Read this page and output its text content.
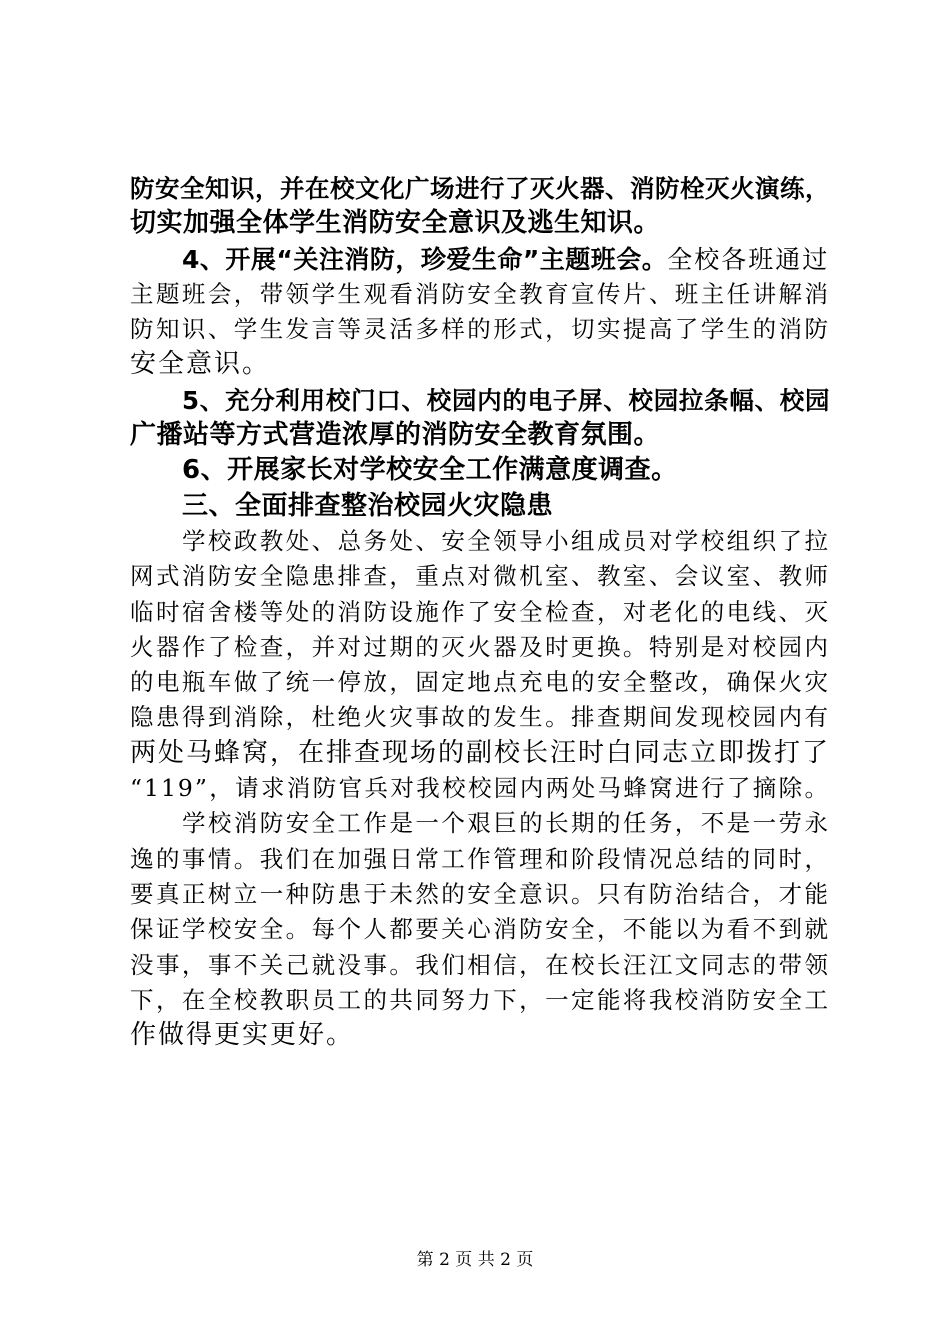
防安全知识，并在校文化广场进行了灭火器、消防栓灭火演练，
切实加强全体学生消防安全意识及逃生知识。
4、开展“关注消防，珍爱生命”主题班会。全校各班通过
主题班会，带领学生观看消防安全教育宣传片、班主任讲解消
防知识、学生发言等灵活多样的形式，切实提高了学生的消防
安全意识。
5、充分利用校门口、校园内的电子屏、校园拉条幅、校园
广播站等方式营造浓厚的消防安全教育氛围。
6、开展家长对学校安全工作满意度调查。
三、全面排查整治校园火灾隐患
学校政教处、总务处、安全领导小组成员对学校组织了拉
网式消防安全隐患排查，重点对微机室、教室、会议室、教师
临时宿舍楼等处的消防设施作了安全检查，对老化的电线、灭
火器作了检查，并对过期的灭火器及时更换。特别是对校园内
的电瓶车做了统一停放，固定地点充电的安全整改，确保火灾
隐患得到消除，杜绝火灾事故的发生。排查期间发现校园内有
两处马蜂窝，在排查现场的副校长汪时白同志立即拨打了
“119”，请求消防官兵对我校校园内两处马蜂窝进行了摘除。
学校消防安全工作是一个艰巨的长期的任务，不是一劳永
逸的事情。我们在加强日常工作管理和阶段情况总结的同时，
要真正树立一种防患于未然的安全意识。只有防治结合，才能
保证学校安全。每个人都要关心消防安全，不能以为看不到就
没事，事不关己就没事。我们相信，在校长汪江文同志的带领
下，在全校教职员工的共同努力下，一定能将我校消防安全工
作做得更实更好。
第 2 页 共 2 页
